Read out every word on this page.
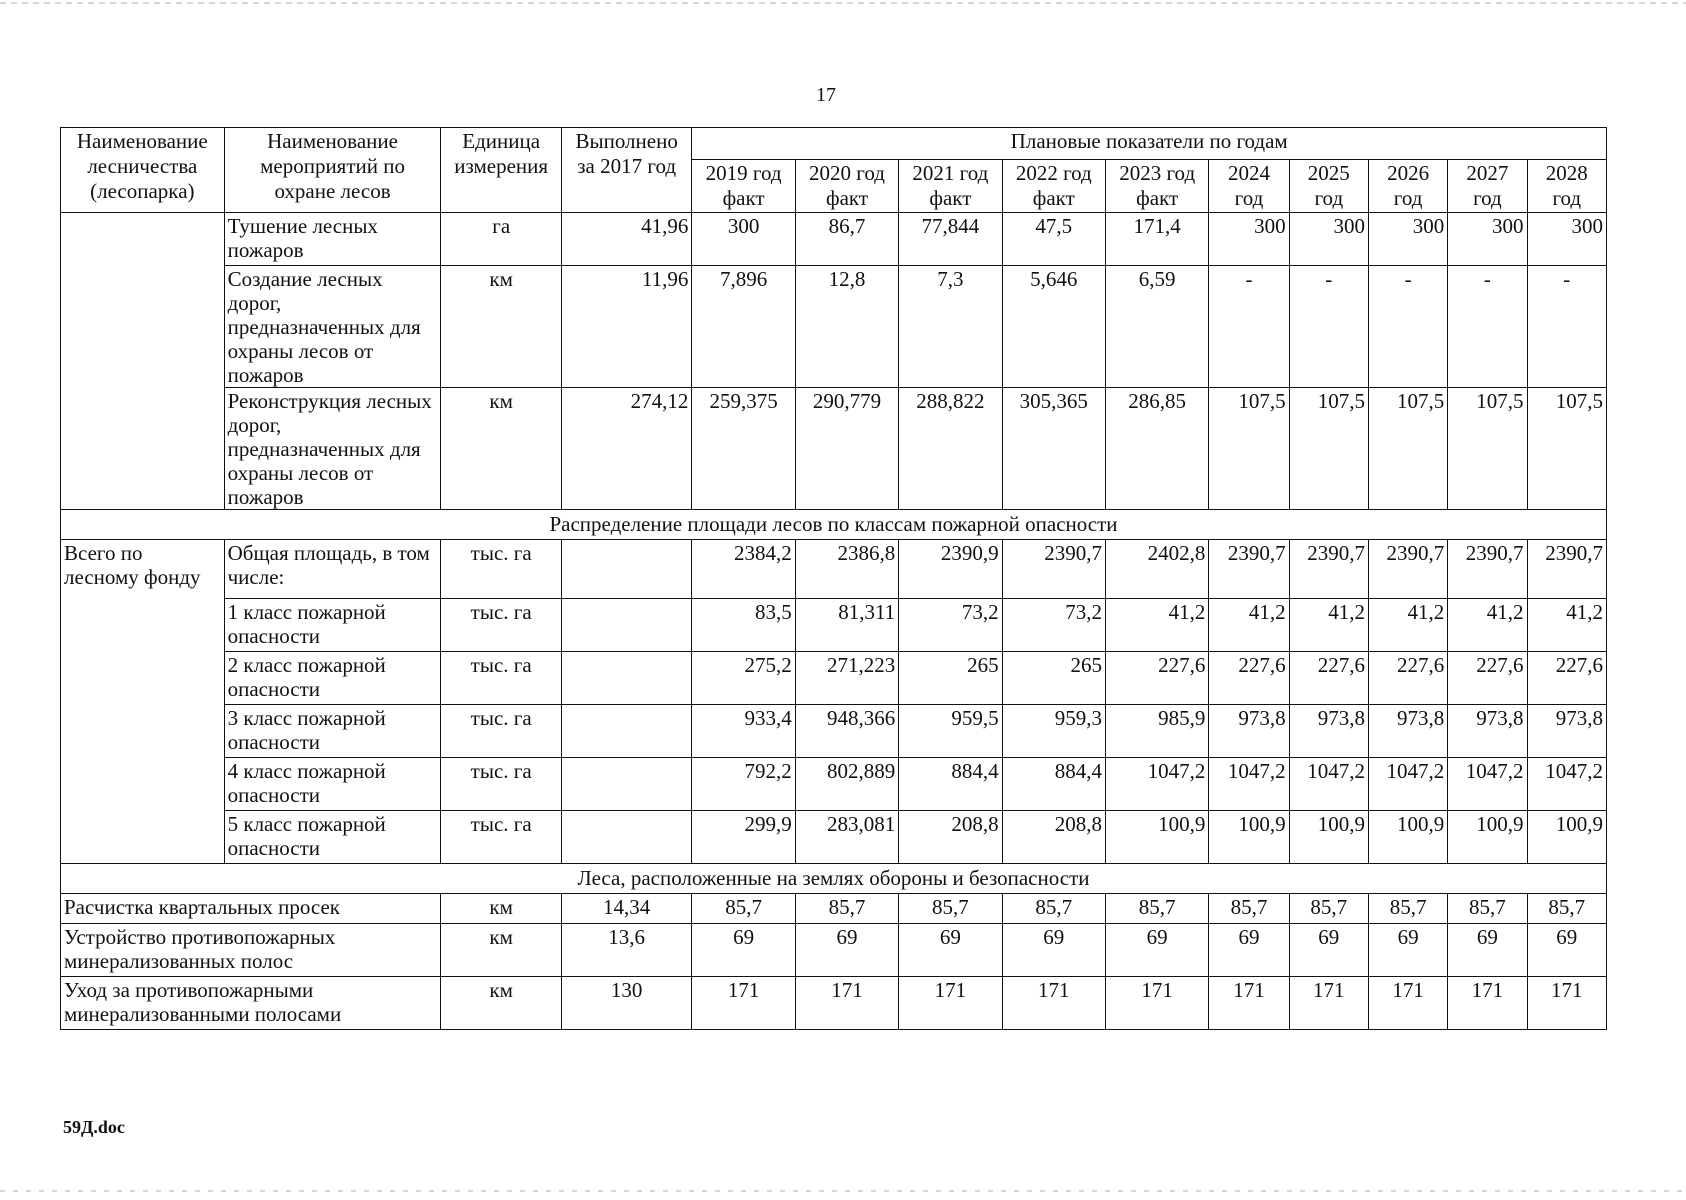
17
Наименование лесничества (лесопарка)	Наименование мероприятий по охране лесов	Единица измерения	Выполнено за 2017 год	Плановые показатели по годам									
				2019 год факт	2020 год факт	2021 год факт	2022 год факт	2023 год факт	2024 год	2025 год	2026 год	2027 год	2028 год
	Тушение лесных пожаров	га	41,96	300	86,7	77,844	47,5	171,4	300	300	300	300	300
	Создание лесных дорог, предназначенных для охраны лесов от пожаров	км	11,96	7,896	12,8	7,3	5,646	6,59	-	-	-	-	-
	Реконструкция лесных дорог, предназначенных для охраны лесов от пожаров	км	274,12	259,375	290,779	288,822	305,365	286,85	107,5	107,5	107,5	107,5	107,5
Распределение площади лесов по классам пожарной опасности													
Всего по лесному фонду	Общая площадь, в том числе:	тыс. га		2384,2	2386,8	2390,9	2390,7	2402,8	2390,7	2390,7	2390,7	2390,7	2390,7
	1 класс пожарной опасности	тыс. га		83,5	81,311	73,2	73,2	41,2	41,2	41,2	41,2	41,2	41,2
	2 класс пожарной опасности	тыс. га		275,2	271,223	265	265	227,6	227,6	227,6	227,6	227,6	227,6
	3 класс пожарной опасности	тыс. га		933,4	948,366	959,5	959,3	985,9	973,8	973,8	973,8	973,8	973,8
	4 класс пожарной опасности	тыс. га		792,2	802,889	884,4	884,4	1047,2	1047,2	1047,2	1047,2	1047,2	1047,2
	5 класс пожарной опасности	тыс. га		299,9	283,081	208,8	208,8	100,9	100,9	100,9	100,9	100,9	100,9
Леса, расположенные на землях обороны и безопасности													
Расчистка квартальных просек		км	14,34	85,7	85,7	85,7	85,7	85,7	85,7	85,7	85,7	85,7	85,7
Устройство противопожарных минерализованных полос		км	13,6	69	69	69	69	69	69	69	69	69	69
Уход за противопожарными минерализованными полосами		км	130	171	171	171	171	171	171	171	171	171	171
59Д.doc
